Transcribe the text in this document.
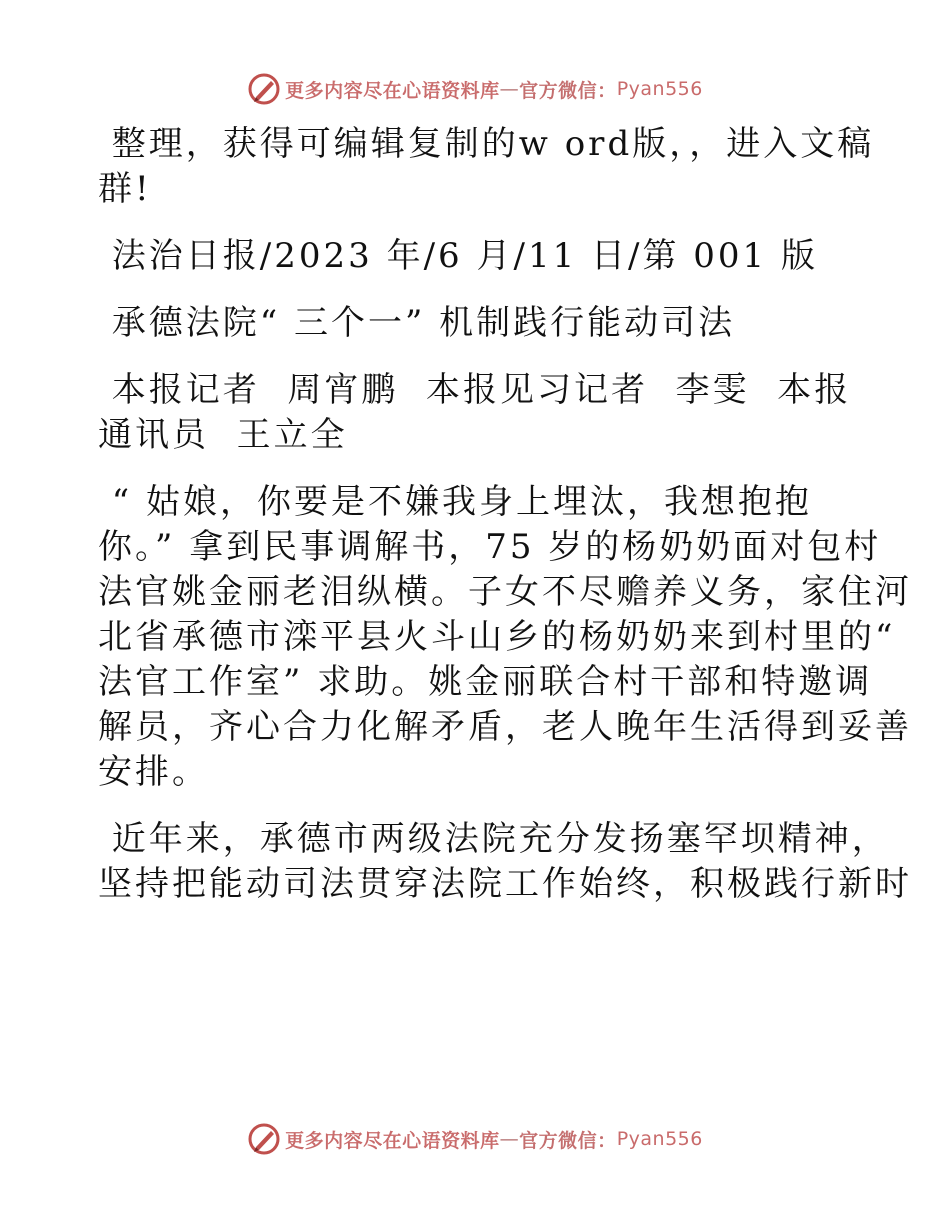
更多内容尽在心语资料库 — 官方微信： Pyan556

整理，获得可编辑复制的w ord版，，进入文稿
群!

法治日报/2023 年/6 月/11 日/第 001 版

承德法院“ 三个一” 机制践行能动司法

本报记者  周宵鹏  本报见习记者  李雯  本报
通讯员  王立全

“ 姑娘，你要是不嫌我身上埋汰，我想抱抱
你。” 拿到民事调解书，75 岁的杨奶奶面对包村
法官姚金丽老泪纵横。子女不尽赡养义务，家住河
北省承德市滦平县火斗山乡的杨奶奶来到村里的“
法官工作室” 求助。姚金丽联合村干部和特邀调
解员，齐心合力化解矛盾，老人晚年生活得到妥善
安排。

近年来，承德市两级法院充分发扬塞罕坝精神，
坚持把能动司法贯穿法院工作始终，积极践行新时

更多内容尽在心语资料库 — 官方微信： Pyan556
